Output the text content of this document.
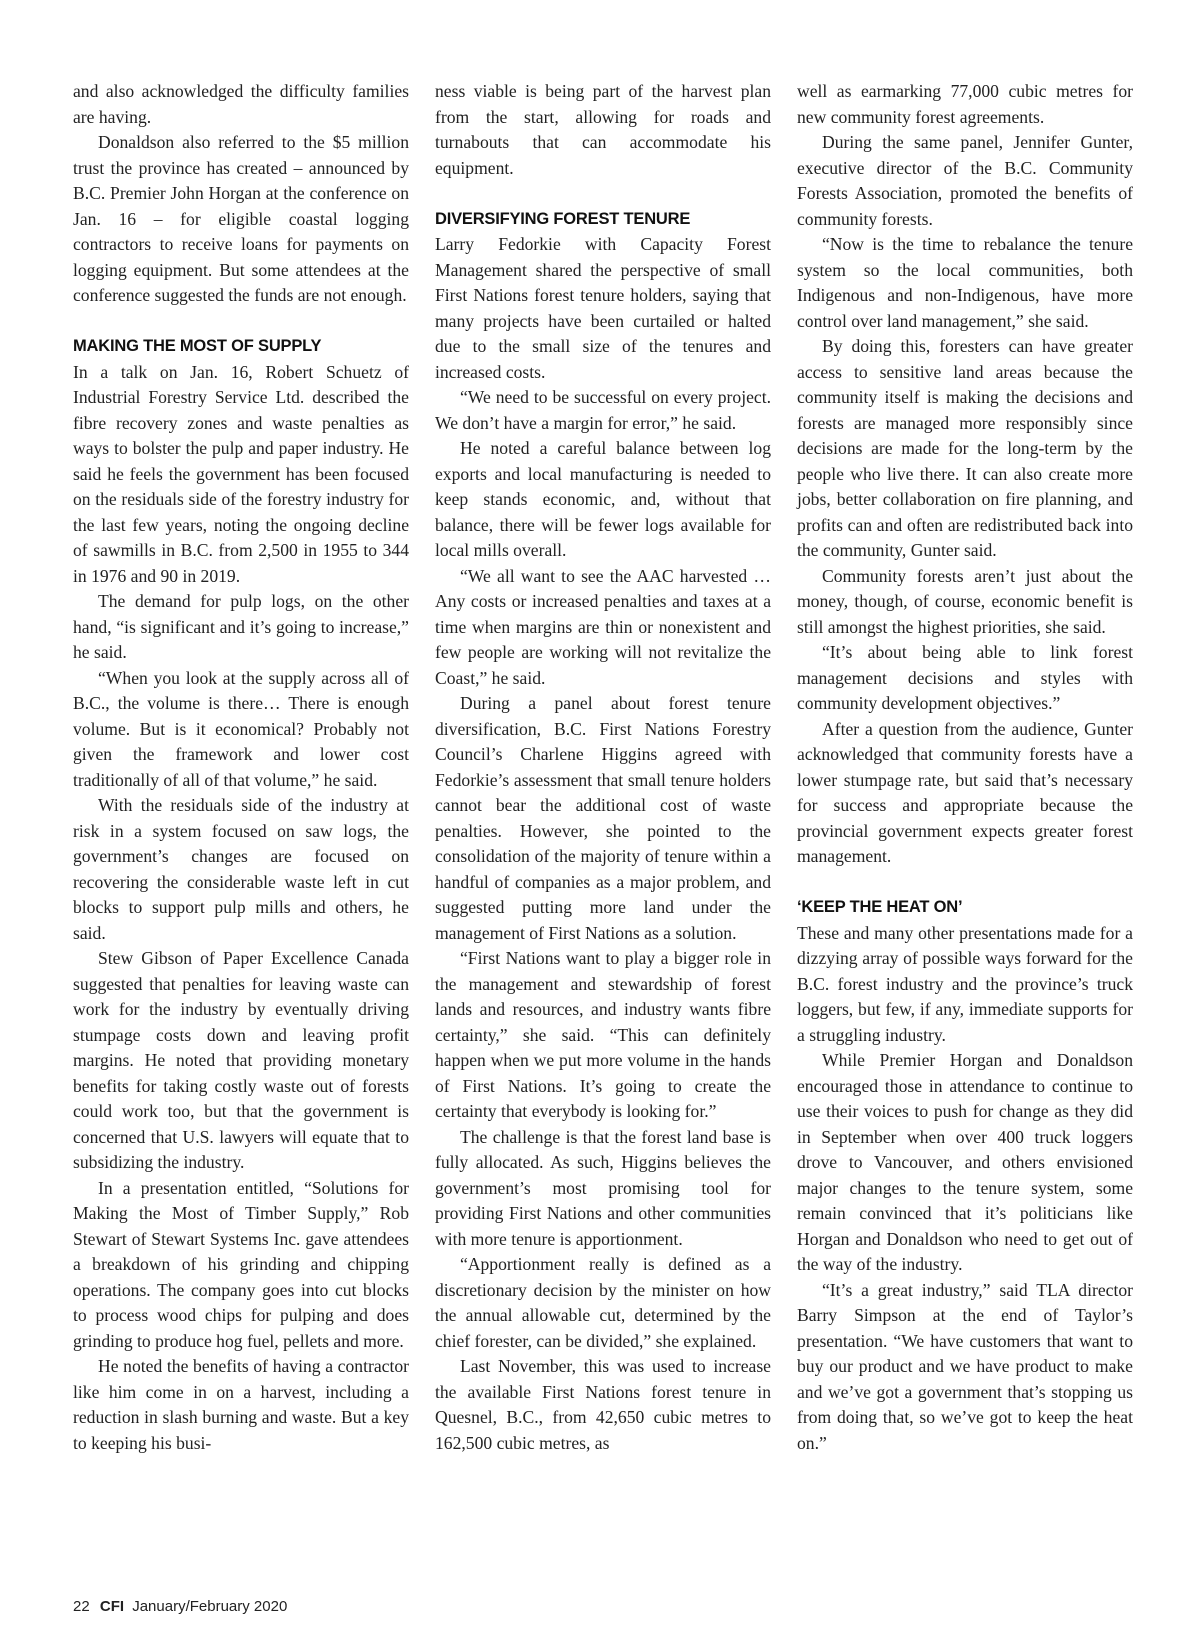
and also acknowledged the difficulty families are having.

Donaldson also referred to the $5 million trust the province has created – announced by B.C. Premier John Horgan at the conference on Jan. 16 – for eligible coastal logging contractors to receive loans for payments on logging equipment. But some attendees at the conference suggested the funds are not enough.

MAKING THE MOST OF SUPPLY

In a talk on Jan. 16, Robert Schuetz of Industrial Forestry Service Ltd. described the fibre recovery zones and waste penalties as ways to bolster the pulp and paper industry. He said he feels the government has been focused on the residuals side of the forestry industry for the last few years, noting the ongoing decline of sawmills in B.C. from 2,500 in 1955 to 344 in 1976 and 90 in 2019.

The demand for pulp logs, on the other hand, “is significant and it’s going to increase,” he said.

“When you look at the supply across all of B.C., the volume is there… There is enough volume. But is it economical? Probably not given the framework and lower cost traditionally of all of that volume,” he said.

With the residuals side of the industry at risk in a system focused on saw logs, the government’s changes are focused on recovering the considerable waste left in cut blocks to support pulp mills and others, he said.

Stew Gibson of Paper Excellence Canada suggested that penalties for leaving waste can work for the industry by eventually driving stumpage costs down and leaving profit margins. He noted that providing monetary benefits for taking costly waste out of forests could work too, but that the government is concerned that U.S. lawyers will equate that to subsidizing the industry.

In a presentation entitled, “Solutions for Making the Most of Timber Supply,” Rob Stewart of Stewart Systems Inc. gave attendees a breakdown of his grinding and chipping operations. The company goes into cut blocks to process wood chips for pulping and does grinding to produce hog fuel, pellets and more.

He noted the benefits of having a contractor like him come in on a harvest, including a reduction in slash burning and waste. But a key to keeping his busi-

ness viable is being part of the harvest plan from the start, allowing for roads and turnabouts that can accommodate his equipment.

DIVERSIFYING FOREST TENURE

Larry Fedorkie with Capacity Forest Management shared the perspective of small First Nations forest tenure holders, saying that many projects have been curtailed or halted due to the small size of the tenures and increased costs.

“We need to be successful on every project. We don’t have a margin for error,” he said.

He noted a careful balance between log exports and local manufacturing is needed to keep stands economic, and, without that balance, there will be fewer logs available for local mills overall.

“We all want to see the AAC harvested … Any costs or increased penalties and taxes at a time when margins are thin or nonexistent and few people are working will not revitalize the Coast,” he said.

During a panel about forest tenure diversification, B.C. First Nations Forestry Council’s Charlene Higgins agreed with Fedorkie’s assessment that small tenure holders cannot bear the additional cost of waste penalties. However, she pointed to the consolidation of the majority of tenure within a handful of companies as a major problem, and suggested putting more land under the management of First Nations as a solution.

“First Nations want to play a bigger role in the management and stewardship of forest lands and resources, and industry wants fibre certainty,” she said. “This can definitely happen when we put more volume in the hands of First Nations. It’s going to create the certainty that everybody is looking for.”

The challenge is that the forest land base is fully allocated. As such, Higgins believes the government’s most promising tool for providing First Nations and other communities with more tenure is apportionment.

“Apportionment really is defined as a discretionary decision by the minister on how the annual allowable cut, determined by the chief forester, can be divided,” she explained.

Last November, this was used to increase the available First Nations forest tenure in Quesnel, B.C., from 42,650 cubic metres to 162,500 cubic metres, as

well as earmarking 77,000 cubic metres for new community forest agreements.

During the same panel, Jennifer Gunter, executive director of the B.C. Community Forests Association, promoted the benefits of community forests.

“Now is the time to rebalance the tenure system so the local communities, both Indigenous and non-Indigenous, have more control over land management,” she said.

By doing this, foresters can have greater access to sensitive land areas because the community itself is making the decisions and forests are managed more responsibly since decisions are made for the long-term by the people who live there. It can also create more jobs, better collaboration on fire planning, and profits can and often are redistributed back into the community, Gunter said.

Community forests aren’t just about the money, though, of course, economic benefit is still amongst the highest priorities, she said.

“It’s about being able to link forest management decisions and styles with community development objectives.”

After a question from the audience, Gunter acknowledged that community forests have a lower stumpage rate, but said that’s necessary for success and appropriate because the provincial government expects greater forest management.

‘KEEP THE HEAT ON’

These and many other presentations made for a dizzying array of possible ways forward for the B.C. forest industry and the province’s truck loggers, but few, if any, immediate supports for a struggling industry.

While Premier Horgan and Donaldson encouraged those in attendance to continue to use their voices to push for change as they did in September when over 400 truck loggers drove to Vancouver, and others envisioned major changes to the tenure system, some remain convinced that it’s politicians like Horgan and Donaldson who need to get out of the way of the industry.

“It’s a great industry,” said TLA director Barry Simpson at the end of Taylor’s presentation. “We have customers that want to buy our product and we have product to make and we’ve got a government that’s stopping us from doing that, so we’ve got to keep the heat on.”

22 CFI January/February 2020
